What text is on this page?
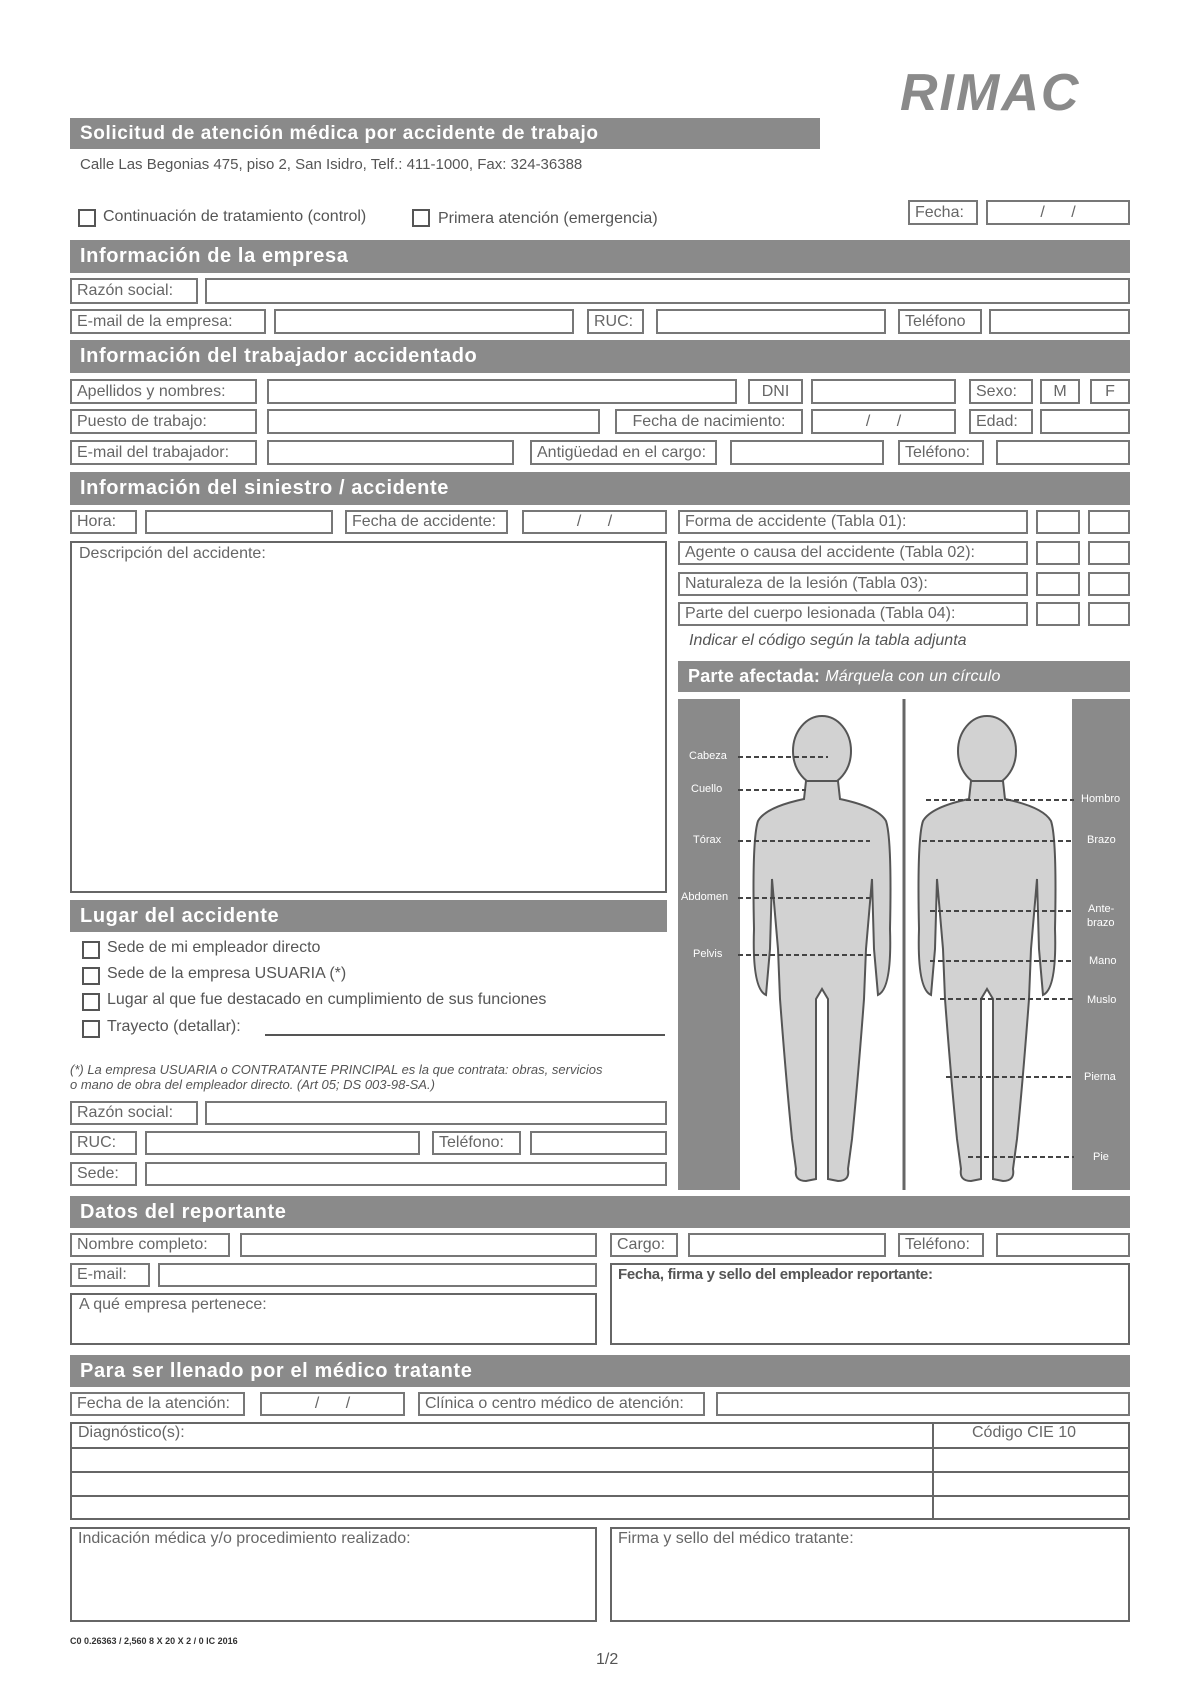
RIMAC
Solicitud de atención médica por accidente de trabajo
Calle Las Begonias 475, piso 2, San Isidro, Telf.: 411-1000, Fax: 324-36388
Continuación de tratamiento (control)	Primera atención (emergencia)	Fecha:	/ /
Información de la empresa
Razón social:
E-mail de la empresa:	RUC:	Teléfono
Información del trabajador accidentado
Apellidos y nombres:	DNI	Sexo:	M	F
Puesto de trabajo:	Fecha de nacimiento:	/ /	Edad:
E-mail del trabajador:	Antigüedad en el cargo:	Teléfono:
Información del siniestro / accidente
Hora:	Fecha de accidente:	/ /
Descripción del accidente:
Forma de accidente (Tabla 01):
Agente o causa del accidente (Tabla 02):
Naturaleza de la lesión (Tabla 03):
Parte del cuerpo lesionada (Tabla 04):
Indicar el código según la tabla adjunta
Parte afectada:
Márquela con un círculo
Cabeza
Cuello
Tórax
Abdomen
Pelvis
Hombro
Brazo
Ante-
brazo
Mano
Muslo
Pierna
Pie
Lugar del accidente
Sede de mi empleador directo
Sede de la empresa USUARIA (*)
Lugar al que fue destacado en cumplimiento de sus funciones
Trayecto (detallar):
(*) La empresa USUARIA o CONTRATANTE PRINCIPAL es la que contrata: obras, servicios
o mano de obra del empleador directo. (Art 05; DS 003-98-SA.)
Razón social:
RUC:	Teléfono:
Sede:
Datos del reportante
Nombre completo:	Cargo:	Teléfono:
E-mail:
A qué empresa pertenece:
Fecha, firma y sello del empleador reportante:
Para ser llenado por el médico tratante
Fecha de la atención:	/ /	Clínica o centro médico de atención:
Diagnóstico(s):	Código CIE 10
Indicación médica y/o procedimiento realizado:	Firma y sello del médico tratante:
C0 0.26363 / 2,560 8 X 20 X 2 / 0 lC 2016
1/2
